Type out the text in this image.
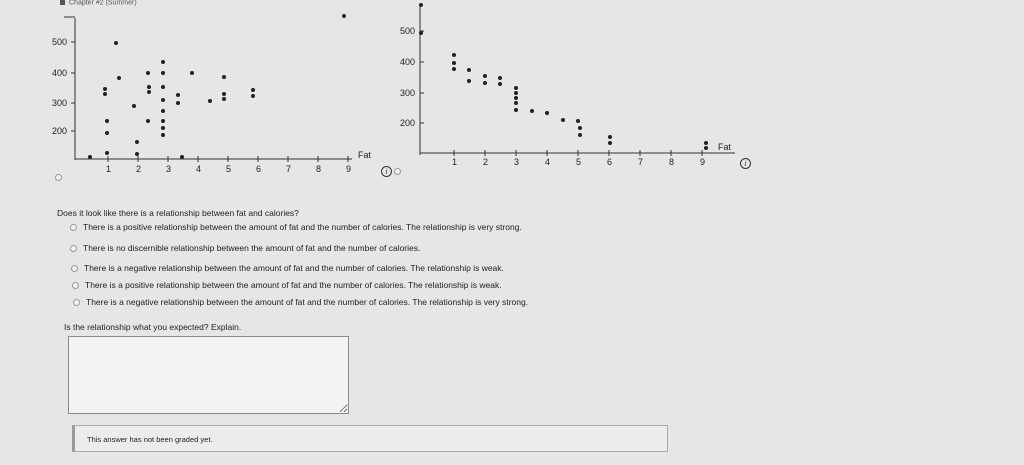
Chapter #2 (Summer)
500
400
300
200
1	2	3	4	5	6	7	8	9
Fat
500
400
300
200
1	2	3	4	5	6	7	8	9
Fat
i
i
Does it look like there is a relationship between fat and calories?
There is a positive relationship between the amount of fat and the number of calories. The relationship is very strong.
There is no discernible relationship between the amount of fat and the number of calories.
There is a negative relationship between the amount of fat and the number of calories. The relationship is weak.
There is a positive relationship between the amount of fat and the number of calories. The relationship is weak.
There is a negative relationship between the amount of fat and the number of calories. The relationship is very strong.
Is the relationship what you expected? Explain.
This answer has not been graded yet.
